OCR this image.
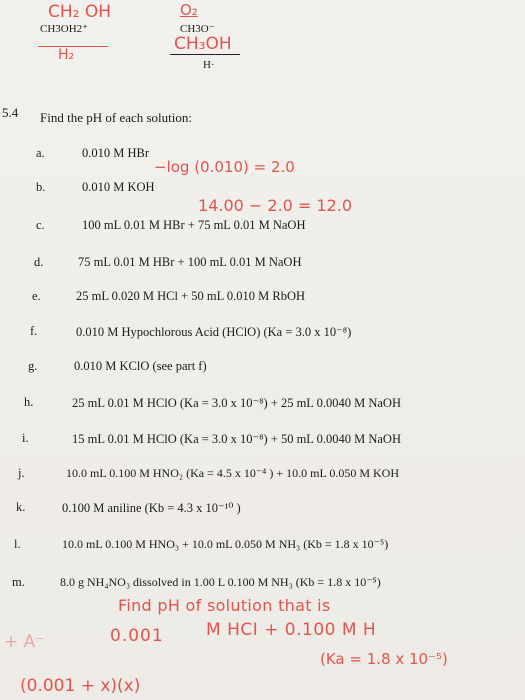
CH₂ OH
CH3OH2⁺
H₂
O₂
CH3O⁻
CH₃OH
H·
5.4 Find the pH of each solution:
a.	0.010 M HBr
−log (0.010) = 2.0
b.	0.010 M KOH
14.00 − 2.0 = 12.0
c.	100 mL 0.01 M HBr + 75 mL 0.01 M NaOH
d.	75 mL 0.01 M HBr + 100 mL 0.01 M NaOH
e.	25 mL 0.020 M HCl + 50 mL 0.010 M RbOH
f.	0.010 M Hypochlorous Acid (HClO) (Ka = 3.0 x 10⁻⁸)
g.	0.010 M KClO (see part f)
h.	25 mL 0.01 M HClO (Ka = 3.0 x 10⁻⁸) + 25 mL 0.0040 M NaOH
i.	15 mL 0.01 M HClO (Ka = 3.0 x 10⁻⁸) + 50 mL 0.0040 M NaOH
j.	10.0 mL 0.100 M HNO₂ (Ka = 4.5 x 10⁻⁴ ) + 10.0 mL 0.050 M KOH
k.	0.100 M aniline (Kb = 4.3 x 10⁻¹⁰ )
l.	10.0 mL 0.100 M HNO₃ + 10.0 mL 0.050 M NH₃ (Kb = 1.8 x 10⁻⁵)
m.	8.0 g NH₄NO₃ dissolved in 1.00 L 0.100 M NH₃ (Kb = 1.8 x 10⁻⁵)
Find pH of solution that is
0.001 M HCI + 0.100 M H
(Ka = 1.8 x 10⁻⁵)
+ A⁻
(0.001 + x)(x)
